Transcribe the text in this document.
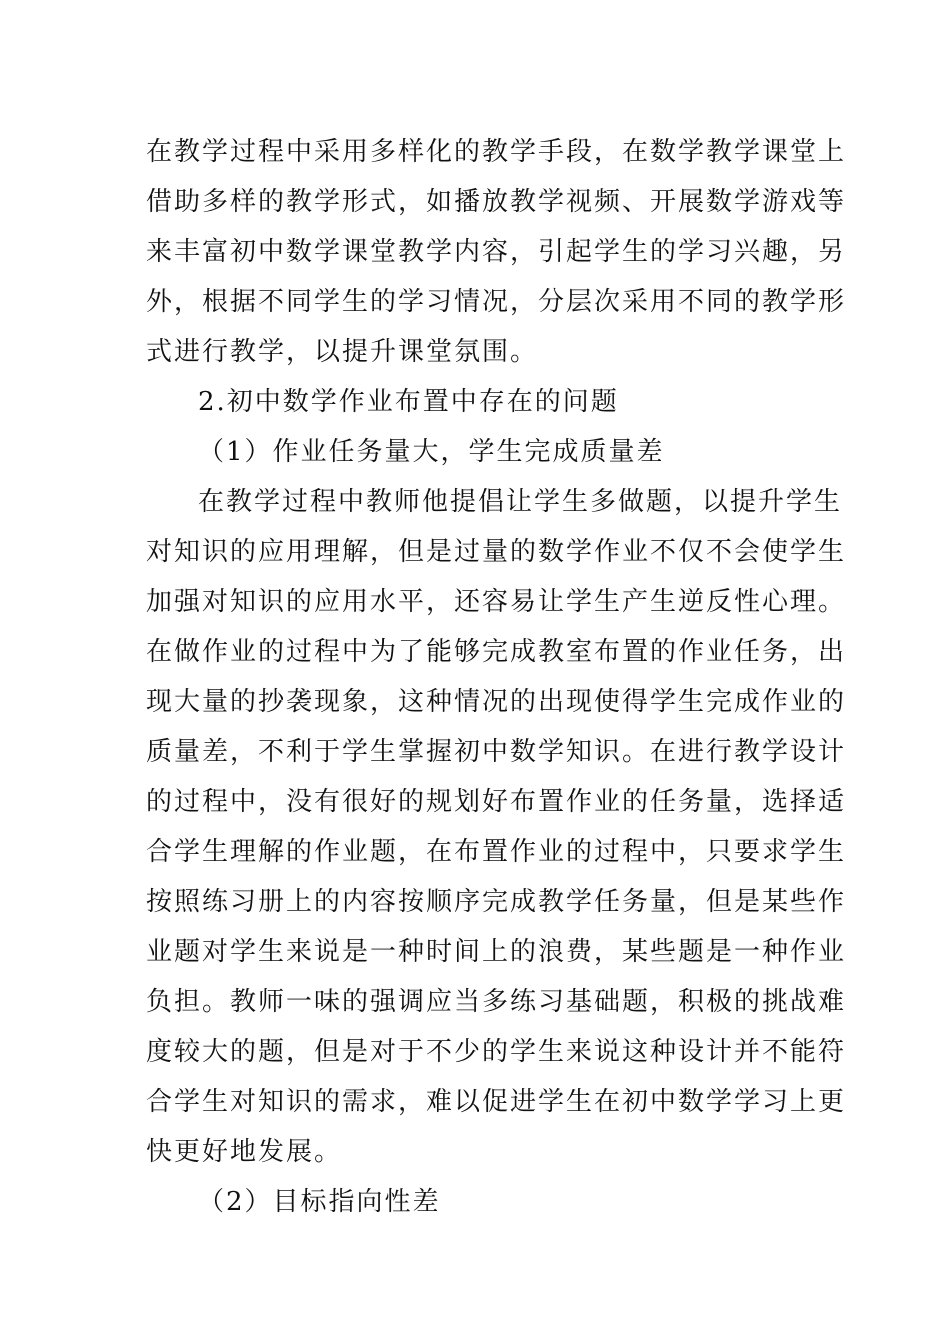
在教学过程中采用多样化的教学手段，在数学教学课堂上

借助多样的教学形式，如播放教学视频、开展数学游戏等

来丰富初中数学课堂教学内容，引起学生的学习兴趣，另

外，根据不同学生的学习情况，分层次采用不同的教学形

式进行教学，以提升课堂氛围。

2.初中数学作业布置中存在的问题

（1）作业任务量大，学生完成质量差

在教学过程中教师他提倡让学生多做题，以提升学生

对知识的应用理解，但是过量的数学作业不仅不会使学生

加强对知识的应用水平，还容易让学生产生逆反性心理。

在做作业的过程中为了能够完成教室布置的作业任务，出

现大量的抄袭现象，这种情况的出现使得学生完成作业的

质量差，不利于学生掌握初中数学知识。在进行教学设计

的过程中，没有很好的规划好布置作业的任务量，选择适

合学生理解的作业题，在布置作业的过程中，只要求学生

按照练习册上的内容按顺序完成教学任务量，但是某些作

业题对学生来说是一种时间上的浪费，某些题是一种作业

负担。教师一味的强调应当多练习基础题，积极的挑战难

度较大的题，但是对于不少的学生来说这种设计并不能符

合学生对知识的需求，难以促进学生在初中数学学习上更

快更好地发展。

（2）目标指向性差
